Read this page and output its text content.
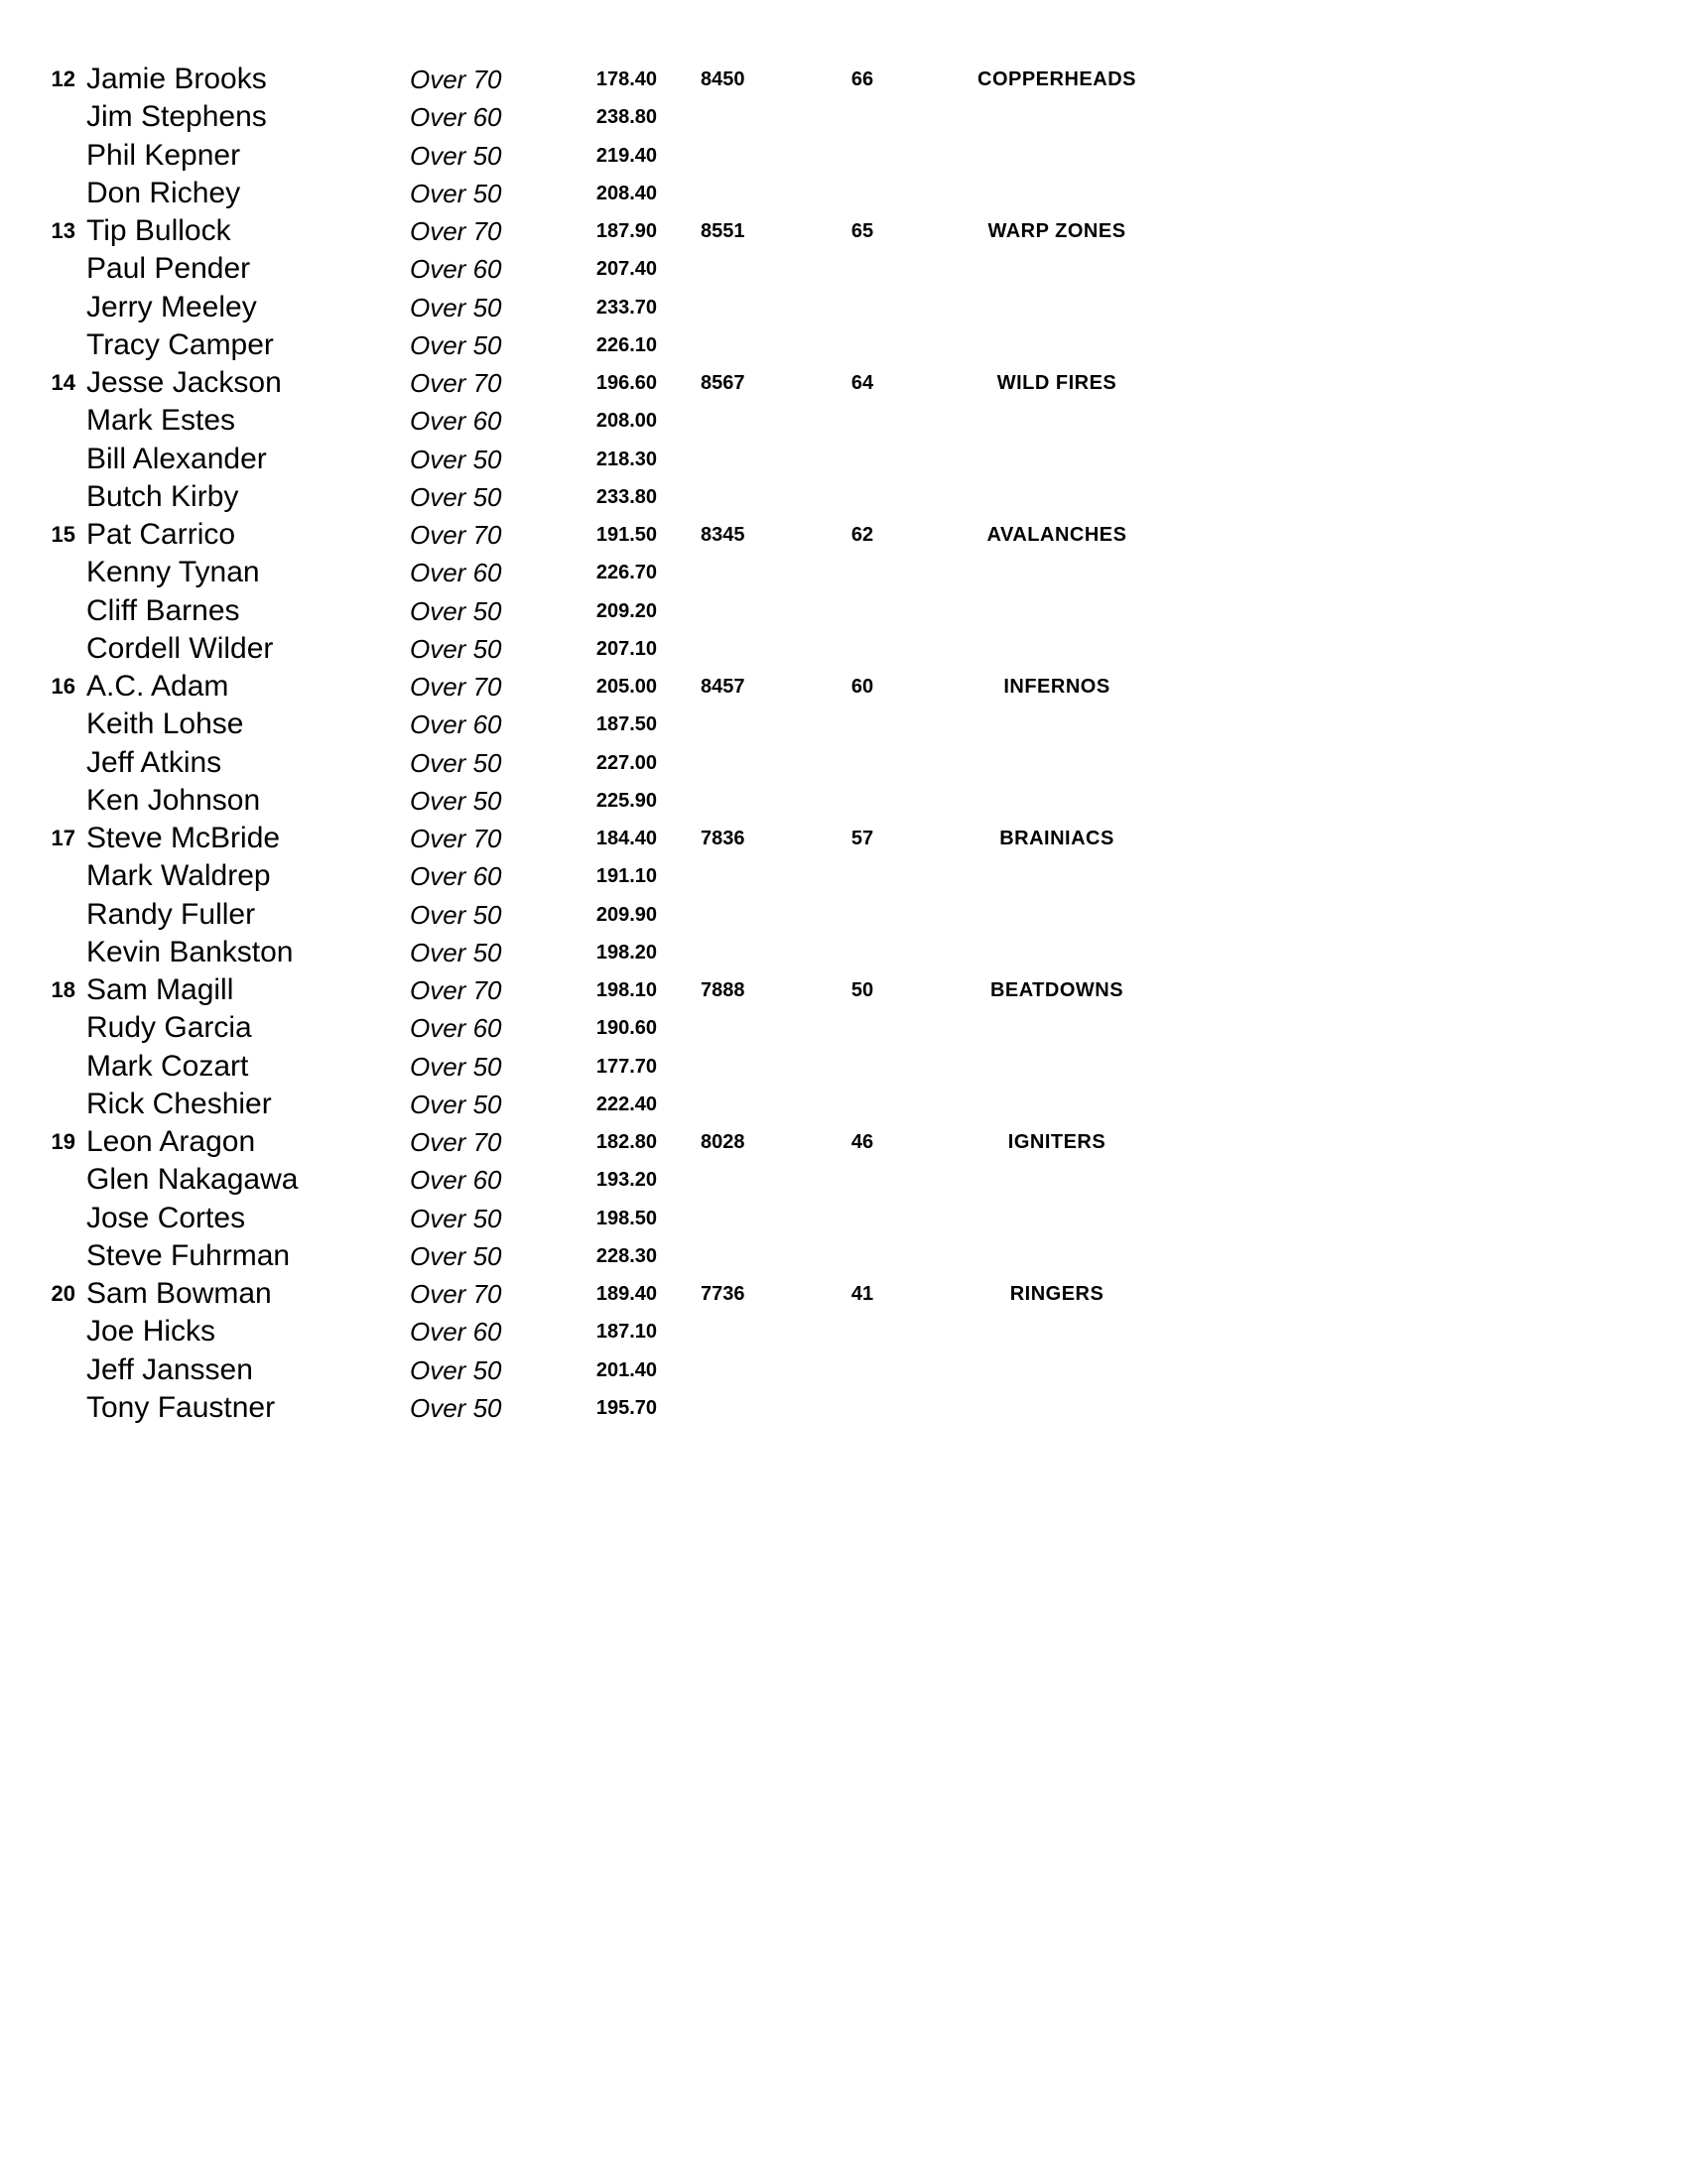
12 Jamie Brooks	Over 70	178.40 8450	66	COPPERHEADS
Jim Stephens	Over 60	238.80
Phil Kepner	Over 50	219.40
Don Richey	Over 50	208.40
13 Tip Bullock	Over 70	187.90 8551	65	WARP ZONES
Paul Pender	Over 60	207.40
Jerry Meeley	Over 50	233.70
Tracy Camper	Over 50	226.10
14 Jesse Jackson	Over 70	196.60 8567	64	WILD FIRES
Mark Estes	Over 60	208.00
Bill Alexander	Over 50	218.30
Butch Kirby	Over 50	233.80
15 Pat Carrico	Over 70	191.50 8345	62	AVALANCHES
Kenny Tynan	Over 60	226.70
Cliff Barnes	Over 50	209.20
Cordell Wilder	Over 50	207.10
16 A.C. Adam	Over 70	205.00 8457	60	INFERNOS
Keith Lohse	Over 60	187.50
Jeff Atkins	Over 50	227.00
Ken Johnson	Over 50	225.90
17 Steve McBride	Over 70	184.40 7836	57	BRAINIACS
Mark Waldrep	Over 60	191.10
Randy Fuller	Over 50	209.90
Kevin Bankston	Over 50	198.20
18 Sam Magill	Over 70	198.10 7888	50	BEATDOWNS
Rudy Garcia	Over 60	190.60
Mark Cozart	Over 50	177.70
Rick Cheshier	Over 50	222.40
19 Leon Aragon	Over 70	182.80 8028	46	IGNITERS
Glen Nakagawa	Over 60	193.20
Jose Cortes	Over 50	198.50
Steve Fuhrman	Over 50	228.30
20 Sam Bowman	Over 70	189.40 7736	41	RINGERS
Joe Hicks	Over 60	187.10
Jeff Janssen	Over 50	201.40
Tony Faustner	Over 50	195.70
